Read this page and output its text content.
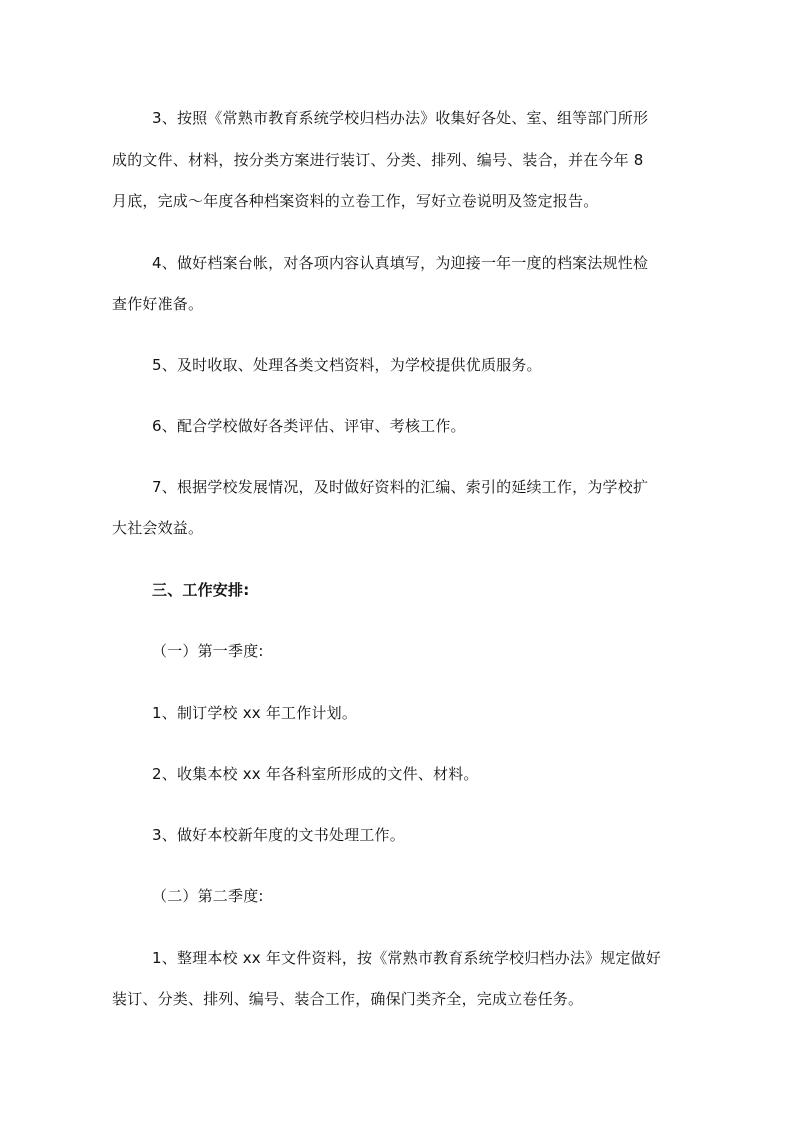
3、按照《常熟市教育系统学校归档办法》收集好各处、室、组等部门所形
成的文件、材料，按分类方案进行装订、分类、排列、编号、装合，并在今年 8
月底，完成～年度各种档案资料的立卷工作，写好立卷说明及签定报告。
4、做好档案台帐，对各项内容认真填写，为迎接一年一度的档案法规性检
查作好准备。
5、及时收取、处理各类文档资料，为学校提供优质服务。
6、配合学校做好各类评估、评审、考核工作。
7、根据学校发展情况，及时做好资料的汇编、索引的延续工作，为学校扩
大社会效益。
三、工作安排:
（一）第一季度:
1、制订学校 xx 年工作计划。
2、收集本校 xx 年各科室所形成的文件、材料。
3、做好本校新年度的文书处理工作。
（二）第二季度:
1、整理本校 xx 年文件资料，按《常熟市教育系统学校归档办法》规定做好
装订、分类、排列、编号、装合工作，确保门类齐全，完成立卷任务。
